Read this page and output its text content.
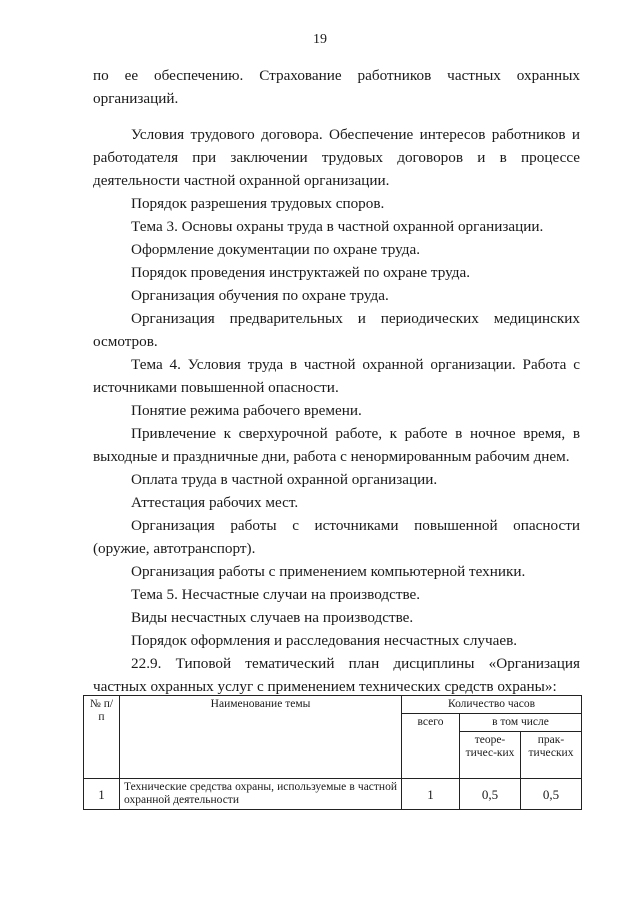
19

по ее обеспечению. Страхование работников частных охранных организаций.

Условия трудового договора. Обеспечение интересов работников и работодателя при заключении трудовых договоров и в процессе деятельности частной охранной организации.

Порядок разрешения трудовых споров.

Тема 3. Основы охраны труда в частной охранной организации.

Оформление документации по охране труда.

Порядок проведения инструктажей по охране труда.

Организация обучения по охране труда.

Организация предварительных и периодических медицинских осмотров.

Тема 4. Условия труда в частной охранной организации. Работа с источниками повышенной опасности.

Понятие режима рабочего времени.

Привлечение к сверхурочной работе, к работе в ночное время, в выходные и праздничные дни, работа с ненормированным рабочим днем.

Оплата труда в частной охранной организации.

Аттестация рабочих мест.

Организация работы с источниками повышенной опасности (оружие, автотранспорт).

Организация работы с применением компьютерной техники.

Тема 5. Несчастные случаи на производстве.

Виды несчастных случаев на производстве.

Порядок оформления и расследования несчастных случаев.

22.9. Типовой тематический план дисциплины «Организация частных охранных услуг с применением технических средств охраны»:

№ п/п	Наименование темы	Количество часов		
		всего	в том числе	
			теоре-тичес-ких	прак-тических
1	Технические средства охраны, используемые в частной охранной деятельности	1	0,5	0,5
